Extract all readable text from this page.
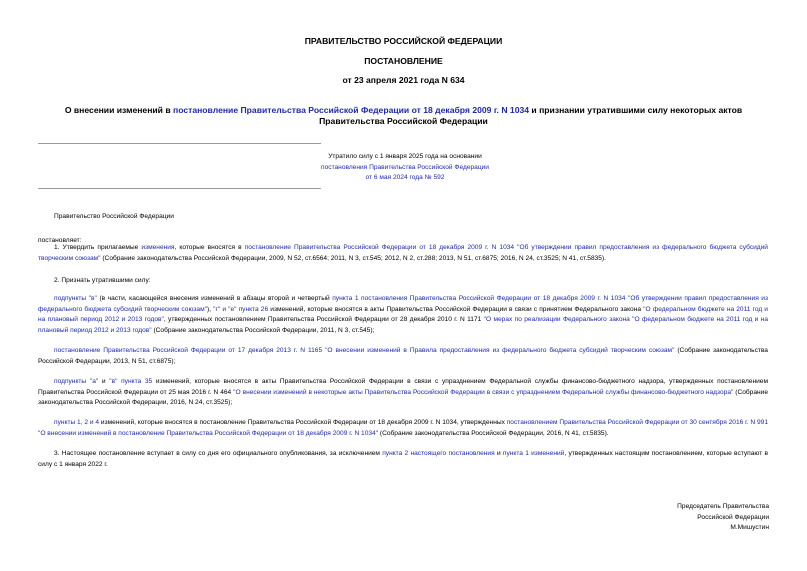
ПРАВИТЕЛЬСТВО РОССИЙСКОЙ ФЕДЕРАЦИИ
ПОСТАНОВЛЕНИЕ
от 23 апреля 2021 года N 634
О внесении изменений в постановление Правительства Российской Федерации от 18 декабря 2009 г. N 1034 и признании утратившими силу некоторых актов Правительства Российской Федерации
Утратило силу с 1 января 2025 года на основании
постановления Правительства Российской Федерации
от 6 мая 2024 года № 592
Правительство Российской Федерации
постановляет:
1. Утвердить прилагаемые изменения, которые вносятся в постановление Правительства Российской Федерации от 18 декабря 2009 г. N 1034 "Об утверждении правил предоставления из федерального бюджета субсидий творческим союзам" (Собрание законодательства Российской Федерации, 2009, N 52, ст.6564; 2011, N 3, ст.545; 2012, N 2, ст.288; 2013, N 51, ст.6875; 2016, N 24, ст.3525; N 41, ст.5835).
2. Признать утратившими силу:
подпункты "в" (в части, касающейся внесения изменений в абзацы второй и четвертый пункта 1 постановления Правительства Российской Федерации от 18 декабря 2009 г. N 1034 "Об утверждении правил предоставления из федерального бюджета субсидий творческим союзам"), "г" и "е" пункта 26 изменений, которые вносятся в акты Правительства Российской Федерации в связи с принятием Федерального закона "О федеральном бюджете на 2011 год и на плановый период 2012 и 2013 годов", утвержденных постановлением Правительства Российской Федерации от 28 декабря 2010 г. N 1171 "О мерах по реализации Федерального закона "О федеральном бюджете на 2011 год и на плановый период 2012 и 2013 годов" (Собрание законодательства Российской Федерации, 2011, N 3, ст.545);
постановление Правительства Российской Федерации от 17 декабря 2013 г. N 1165 "О внесении изменений в Правила предоставления из федерального бюджета субсидий творческим союзам" (Собрание законодательства Российской Федерации, 2013, N 51, ст.6875);
подпункты "а" и "в" пункта 35 изменений, которые вносятся в акты Правительства Российской Федерации в связи с упразднением Федеральной службы финансово-бюджетного надзора, утвержденных постановлением Правительства Российской Федерации от 25 мая 2016 г. N 464 "О внесении изменений в некоторые акты Правительства Российской Федерации в связи с упразднением Федеральной службы финансово-бюджетного надзора" (Собрание законодательства Российской Федерации, 2016, N 24, ст.3525);
пункты 1, 2 и 4 изменений, которые вносятся в постановление Правительства Российской Федерации от 18 декабря 2009 г. N 1034, утвержденных постановлением Правительства Российской Федерации от 30 сентября 2016 г. N 991 "О внесении изменений в постановление Правительства Российской Федерации от 18 декабря 2009 г. N 1034" (Собрание законодательства Российской Федерации, 2016, N 41, ст.5835).
3. Настоящее постановление вступает в силу со дня его официального опубликования, за исключением пункта 2 настоящего постановления и пункта 1 изменений, утвержденных настоящим постановлением, которые вступают в силу с 1 января 2022 г.
Председатель Правительства
Российской Федерации
М.Мишустин
